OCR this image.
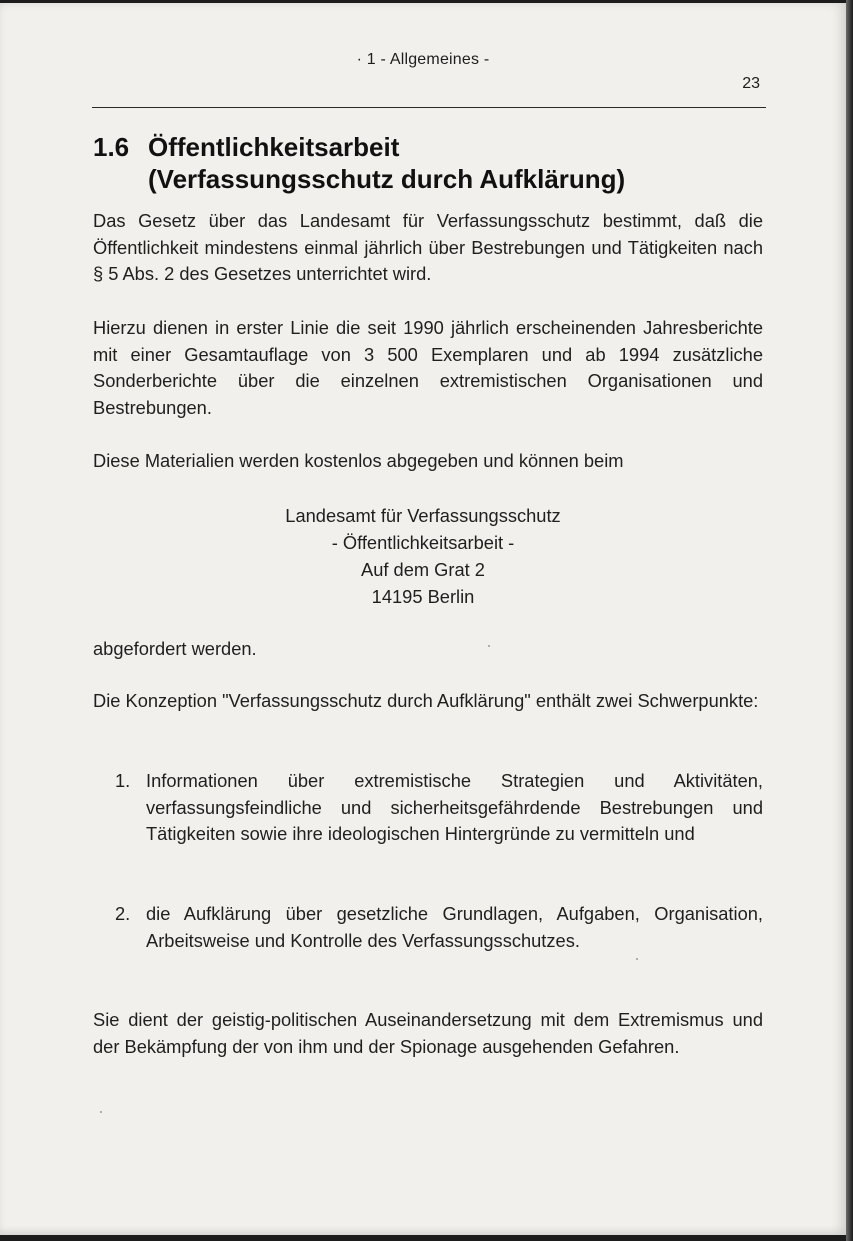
· 1 - Allgemeines -
23
1.6 Öffentlichkeitsarbeit
(Verfassungsschutz durch Aufklärung)
Das Gesetz über das Landesamt für Verfassungsschutz bestimmt, daß die Öffentlichkeit mindestens einmal jährlich über Bestrebungen und Tätigkeiten nach § 5 Abs. 2 des Gesetzes unterrichtet wird.
Hierzu dienen in erster Linie die seit 1990 jährlich erscheinenden Jahresberichte mit einer Gesamtauflage von 3 500 Exemplaren und ab 1994 zusätzliche Sonderberichte über die einzelnen extremistischen Organisationen und Bestrebungen.
Diese Materialien werden kostenlos abgegeben und können beim
Landesamt für Verfassungsschutz
- Öffentlichkeitsarbeit -
Auf dem Grat 2
14195 Berlin
abgefordert werden.
Die Konzeption "Verfassungsschutz durch Aufklärung" enthält zwei Schwerpunkte:
1. Informationen über extremistische Strategien und Aktivitäten, verfassungsfeindliche und sicherheitsgefährdende Bestrebungen und Tätigkeiten sowie ihre ideologischen Hintergründe zu vermitteln und
2. die Aufklärung über gesetzliche Grundlagen, Aufgaben, Organisation, Arbeitsweise und Kontrolle des Verfassungsschutzes.
Sie dient der geistig-politischen Auseinandersetzung mit dem Extremismus und der Bekämpfung der von ihm und der Spionage ausgehenden Gefahren.
